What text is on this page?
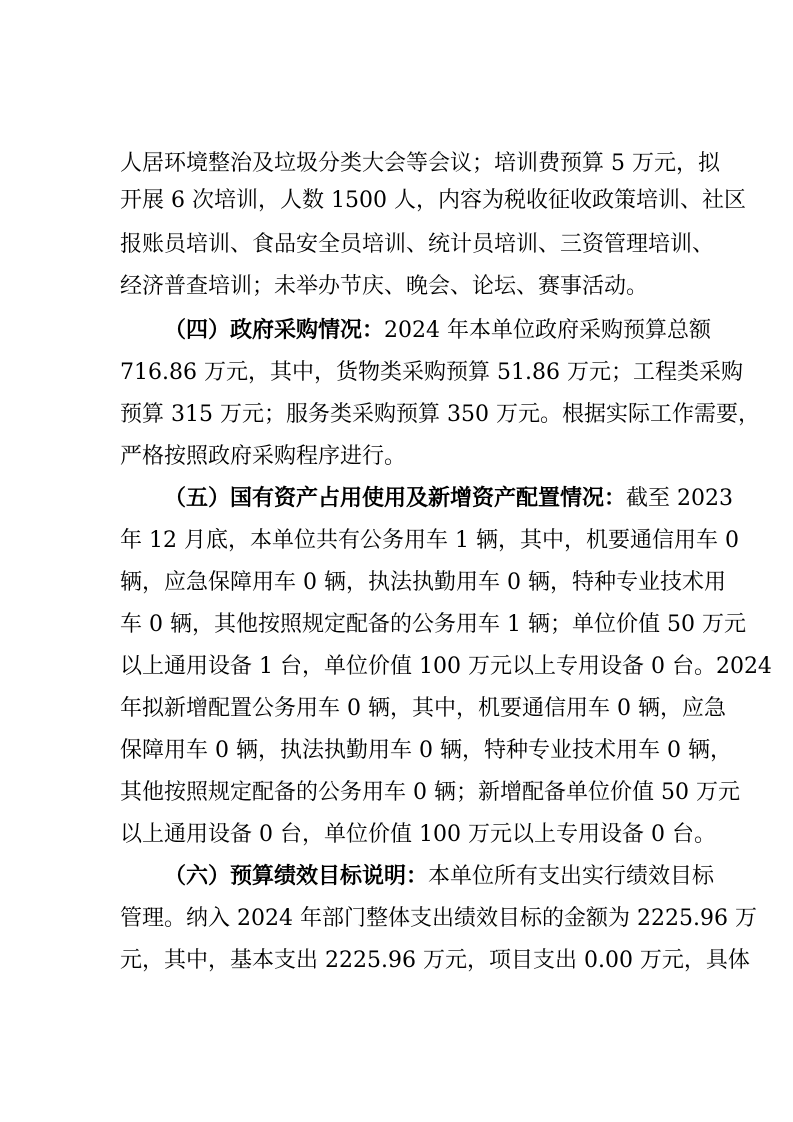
人居环境整治及垃圾分类大会等会议；培训费预算 5 万元，拟
开展 6 次培训，人数 1500 人，内容为税收征收政策培训、社区
报账员培训、食品安全员培训、统计员培训、三资管理培训、
经济普查培训；未举办节庆、晚会、论坛、赛事活动。
（四）政府采购情况：2024 年本单位政府采购预算总额
716.86 万元，其中，货物类采购预算 51.86 万元；工程类采购
预算 315 万元；服务类采购预算 350 万元。根据实际工作需要，
严格按照政府采购程序进行。
（五）国有资产占用使用及新增资产配置情况：截至 2023
年 12 月底，本单位共有公务用车 1 辆，其中，机要通信用车 0
辆，应急保障用车 0 辆，执法执勤用车 0 辆，特种专业技术用
车 0 辆，其他按照规定配备的公务用车 1 辆；单位价值 50 万元
以上通用设备 1 台，单位价值 100 万元以上专用设备 0 台。2024
年拟新增配置公务用车 0 辆，其中，机要通信用车 0 辆，应急
保障用车 0 辆，执法执勤用车 0 辆，特种专业技术用车 0 辆，
其他按照规定配备的公务用车 0 辆；新增配备单位价值 50 万元
以上通用设备 0 台，单位价值 100 万元以上专用设备 0 台。
（六）预算绩效目标说明：本单位所有支出实行绩效目标
管理。纳入 2024 年部门整体支出绩效目标的金额为 2225.96 万
元，其中，基本支出 2225.96 万元，项目支出 0.00 万元，具体
